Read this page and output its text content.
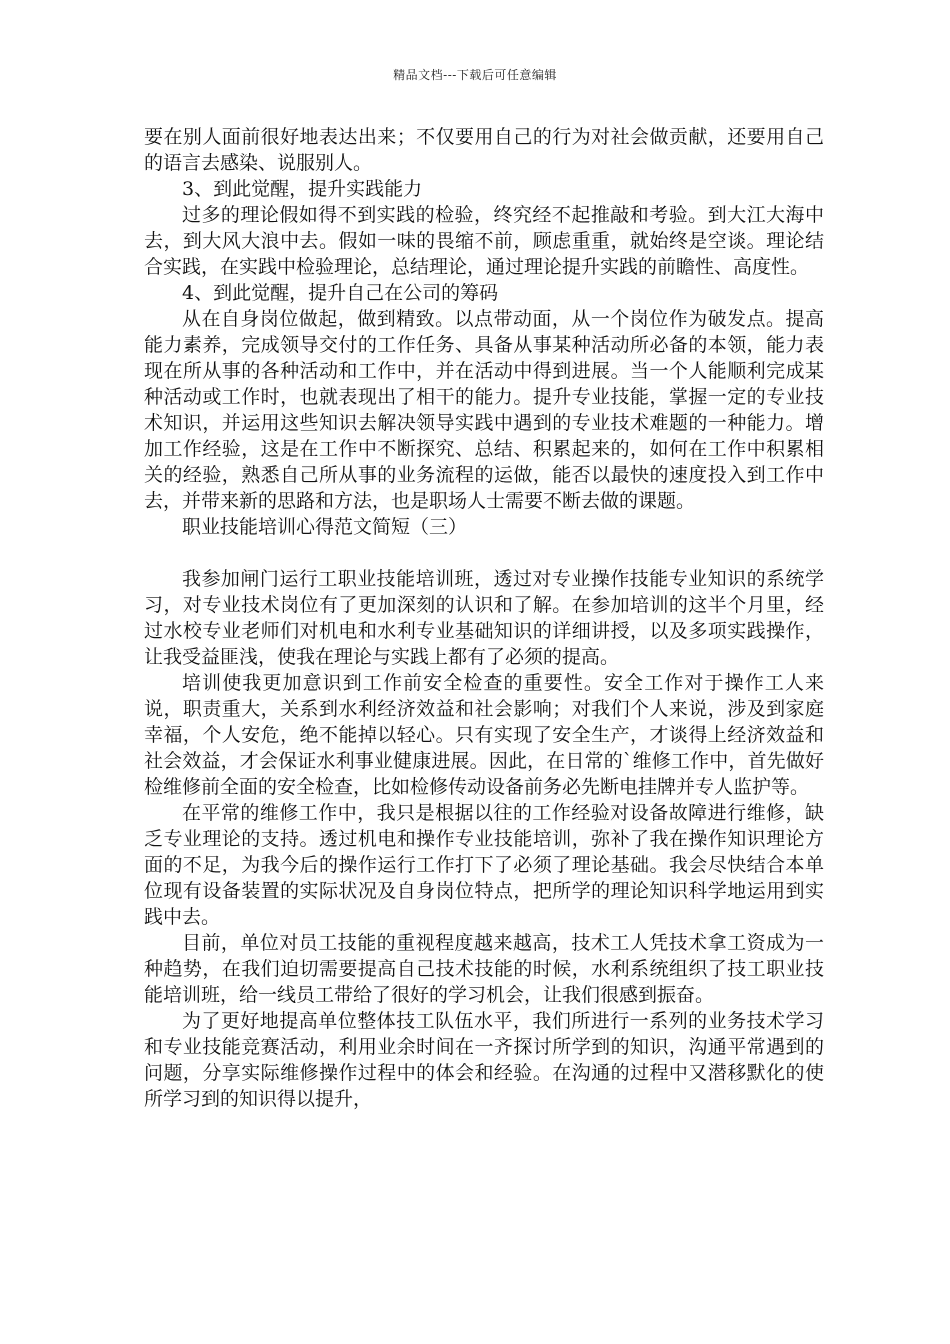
精品文档---下载后可任意编辑

要在别人面前很好地表达出来；不仅要用自己的行为对社会做贡献，还要用自己的语言去感染、说服别人。

3、到此觉醒，提升实践能力

过多的理论假如得不到实践的检验，终究经不起推敲和考验。到大江大海中去，到大风大浪中去。假如一味的畏缩不前，顾虑重重，就始终是空谈。理论结合实践，在实践中检验理论，总结理论，通过理论提升实践的前瞻性、高度性。

4、到此觉醒，提升自己在公司的筹码

从在自身岗位做起，做到精致。以点带动面，从一个岗位作为破发点。提高能力素养，完成领导交付的工作任务、具备从事某种活动所必备的本领，能力表现在所从事的各种活动和工作中，并在活动中得到进展。当一个人能顺利完成某种活动或工作时，也就表现出了相干的能力。提升专业技能，掌握一定的专业技术知识，并运用这些知识去解决领导实践中遇到的专业技术难题的一种能力。增加工作经验，这是在工作中不断探究、总结、积累起来的，如何在工作中积累相关的经验，熟悉自己所从事的业务流程的运做，能否以最快的速度投入到工作中去，并带来新的思路和方法，也是职场人士需要不断去做的课题。

职业技能培训心得范文简短（三）

我参加闸门运行工职业技能培训班，透过对专业操作技能专业知识的系统学习，对专业技术岗位有了更加深刻的认识和了解。在参加培训的这半个月里，经过水校专业老师们对机电和水利专业基础知识的详细讲授，以及多项实践操作，让我受益匪浅，使我在理论与实践上都有了必须的提高。

培训使我更加意识到工作前安全检查的重要性。安全工作对于操作工人来说，职责重大，关系到水利经济效益和社会影响；对我们个人来说，涉及到家庭幸福，个人安危，绝不能掉以轻心。只有实现了安全生产，才谈得上经济效益和社会效益，才会保证水利事业健康进展。因此，在日常的`维修工作中，首先做好检维修前全面的安全检查，比如检修传动设备前务必先断电挂牌并专人监护等。

在平常的维修工作中，我只是根据以往的工作经验对设备故障进行维修，缺乏专业理论的支持。透过机电和操作专业技能培训，弥补了我在操作知识理论方面的不足，为我今后的操作运行工作打下了必须了理论基础。我会尽快结合本单位现有设备装置的实际状况及自身岗位特点，把所学的理论知识科学地运用到实践中去。

目前，单位对员工技能的重视程度越来越高，技术工人凭技术拿工资成为一种趋势，在我们迫切需要提高自己技术技能的时候，水利系统组织了技工职业技能培训班，给一线员工带给了很好的学习机会，让我们很感到振奋。

为了更好地提高单位整体技工队伍水平，我们所进行一系列的业务技术学习和专业技能竞赛活动，利用业余时间在一齐探讨所学到的知识，沟通平常遇到的问题，分享实际维修操作过程中的体会和经验。在沟通的过程中又潜移默化的使所学习到的知识得以提升，
